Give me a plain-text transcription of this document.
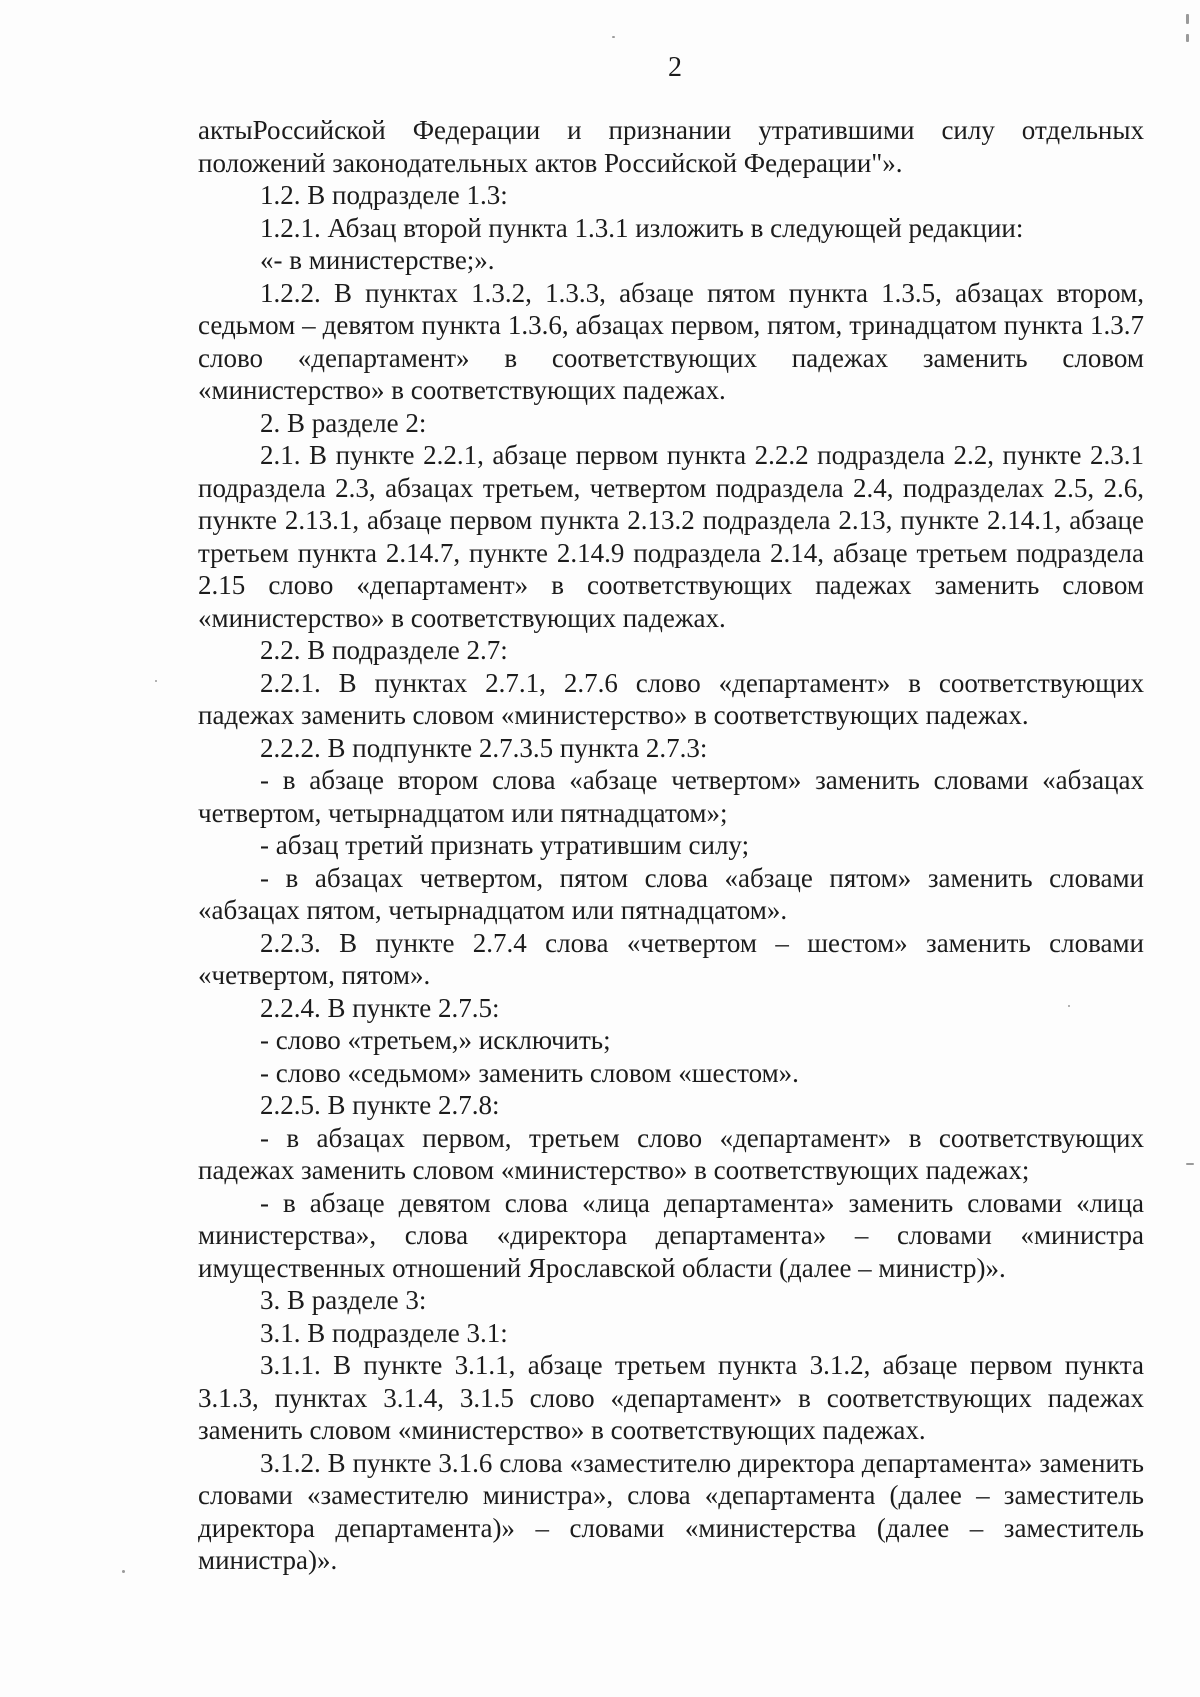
2

актыРоссийской Федерации и признании утратившими силу отдельных положений законодательных актов Российской Федерации"».

1.2. В подразделе 1.3:

1.2.1. Абзац второй пункта 1.3.1 изложить в следующей редакции:

«- в министерстве;».

1.2.2. В пунктах 1.3.2, 1.3.3, абзаце пятом пункта 1.3.5, абзацах втором, седьмом – девятом пункта 1.3.6, абзацах первом, пятом, тринадцатом пункта 1.3.7 слово «департамент» в соответствующих падежах заменить словом «министерство» в соответствующих падежах.

2. В разделе 2:

2.1. В пункте 2.2.1, абзаце первом пункта 2.2.2 подраздела 2.2, пункте 2.3.1 подраздела 2.3, абзацах третьем, четвертом подраздела 2.4, подразделах 2.5, 2.6, пункте 2.13.1, абзаце первом пункта 2.13.2 подраздела 2.13, пункте 2.14.1, абзаце третьем пункта 2.14.7, пункте 2.14.9 подраздела 2.14, абзаце третьем подраздела 2.15 слово «департамент» в соответствующих падежах заменить словом «министерство» в соответствующих падежах.

2.2. В подразделе 2.7:

2.2.1. В пунктах 2.7.1, 2.7.6 слово «департамент» в соответствующих падежах заменить словом «министерство» в соответствующих падежах.

2.2.2. В подпункте 2.7.3.5 пункта 2.7.3:

- в абзаце втором слова «абзаце четвертом» заменить словами «абзацах четвертом, четырнадцатом или пятнадцатом»;

- абзац третий признать утратившим силу;

- в абзацах четвертом, пятом слова «абзаце пятом» заменить словами «абзацах пятом, четырнадцатом или пятнадцатом».

2.2.3. В пункте 2.7.4 слова «четвертом – шестом» заменить словами «четвертом, пятом».

2.2.4. В пункте 2.7.5:

- слово «третьем,» исключить;

- слово «седьмом» заменить словом «шестом».

2.2.5. В пункте 2.7.8:

- в абзацах первом, третьем слово «департамент» в соответствующих падежах заменить словом «министерство» в соответствующих падежах;

- в абзаце девятом слова «лица департамента» заменить словами «лица министерства», слова «директора департамента» – словами «министра имущественных отношений Ярославской области (далее – министр)».

3. В разделе 3:

3.1. В подразделе 3.1:

3.1.1. В пункте 3.1.1, абзаце третьем пункта 3.1.2, абзаце первом пункта 3.1.3, пунктах 3.1.4, 3.1.5 слово «департамент» в соответствующих падежах заменить словом «министерство» в соответствующих падежах.

3.1.2. В пункте 3.1.6 слова «заместителю директора департамента» заменить словами «заместителю министра», слова «департамента (далее – заместитель директора департамента)» – словами «министерства (далее – заместитель министра)».
